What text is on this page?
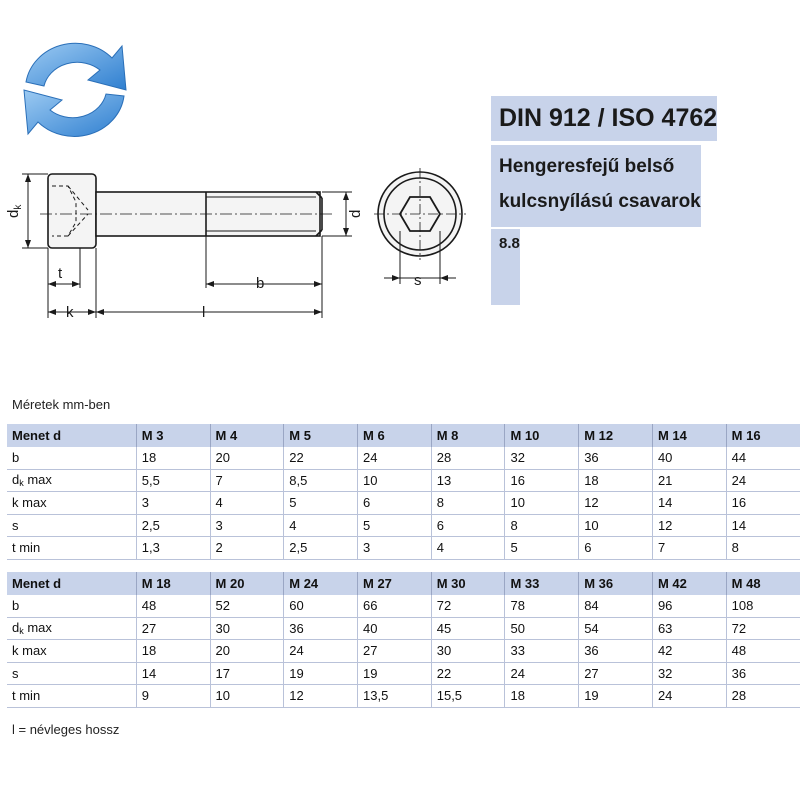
$d_k$
d
t
b
k	l
s
DIN 912 / ISO 4762
Hengeresfejű belső
kulcsnyílású csavarok
8.8
Méretek mm-ben
Menet d	M 3	M 4	M 5	M 6	M 8	M 10	M 12	M 14	M 16
b	18	20	22	24	28	32	36	40	44
$d_k$ max	5,5	7	8,5	10	13	16	18	21	24
k max	3	4	5	6	8	10	12	14	16
s	2,5	3	4	5	6	8	10	12	14
t min	1,3	2	2,5	3	4	5	6	7	8
Menet d	M 18	M 20	M 24	M 27	M 30	M 33	M 36	M 42	M 48
b	48	52	60	66	72	78	84	96	108
$d_k$ max	27	30	36	40	45	50	54	63	72
k max	18	20	24	27	30	33	36	42	48
s	14	17	19	19	22	24	27	32	36
t min	9	10	12	13,5	15,5	18	19	24	28
l = névleges hossz
